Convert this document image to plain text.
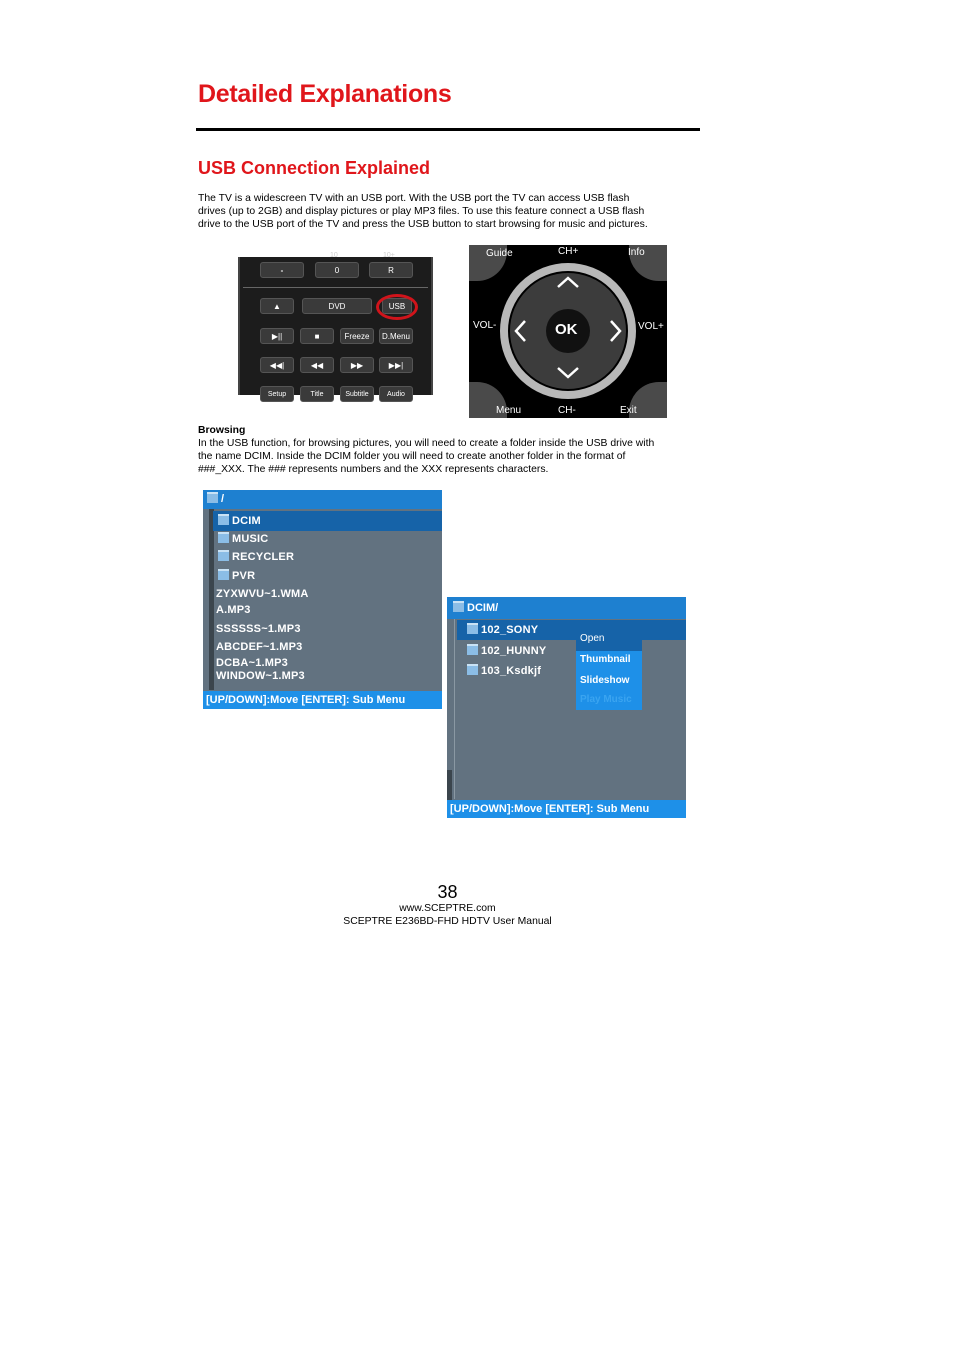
Detailed Explanations
USB Connection Explained
The TV is a widescreen TV with an USB port. With the USB port the TV can access USB flash
drives (up to 2GB) and display pictures or play MP3 files. To use this feature connect a USB flash
drive to the USB port of the TV and press the USB button to start browsing for music and pictures.
10	10+
-	0	R
▲	DVD	USB
▶||	■	Freeze	D.Menu
◀◀|	◀◀	▶▶	▶▶|
Setup	Title	Subtitle	Audio
Guide	Info
CH+
CH-
VOL-	VOL+
OK
Menu	Exit
Browsing
In the USB function, for browsing pictures, you will need to create a folder inside the USB drive with
the name DCIM. Inside the DCIM folder you will need to create another folder in the format of
###_XXX. The ### represents numbers and the XXX represents characters.
/
DCIM
MUSIC
RECYCLER
PVR
ZYXWVU~1.WMA
A.MP3
SSSSSS~1.MP3
ABCDEF~1.MP3
DCBA~1.MP3
WINDOW~1.MP3
[UP/DOWN]:Move [ENTER]: Sub Menu
DCIM/
102_SONY
102_HUNNY
103_Ksdkjf
Open
Thumbnail
Slideshow
Play Music
[UP/DOWN]:Move [ENTER]: Sub Menu
38
www.SCEPTRE.com
SCEPTRE E236BD-FHD HDTV User Manual
